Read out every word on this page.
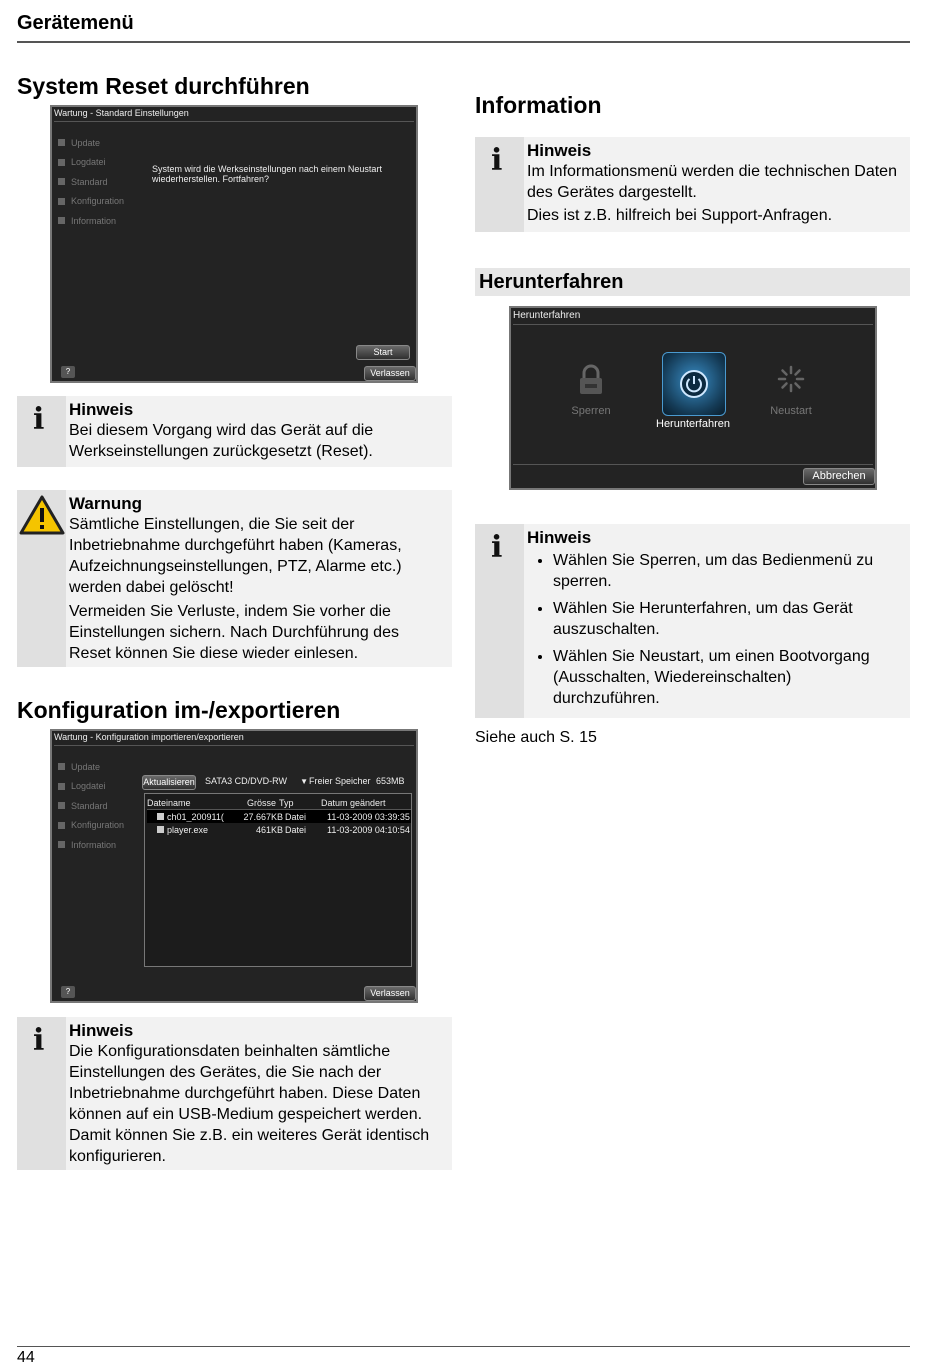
Gerätemenü
System Reset durchführen
Wartung - Standard Einstellungen
Update
Logdatei
Standard
Konfiguration
Information
System wird die Werkseinstellungen nach einem Neustart
wiederherstellen. Fortfahren?
Start
?	Verlassen
i Hinweis

Bei diesem Vorgang wird das Gerät auf die Werkseinstellungen zurückgesetzt (Reset).

Warnung

Sämtliche Einstellungen, die Sie seit der Inbetriebnahme durchgeführt haben (Kameras, Aufzeichnungseinstellungen, PTZ, Alarme etc.) werden dabei gelöscht!

Vermeiden Sie Verluste, indem Sie vorher die Einstellungen sichern. Nach Durchführung des Reset können Sie diese wieder einlesen.

Konfiguration im-/exportieren
Wartung - Konfiguration importieren/exportieren
Update
Logdatei
Standard
Konfiguration
Information
Aktualisieren SATA3 CD/DVD-RW ▼ Freier Speicher 653MB
Dateiname	Grösse Typ	Datum geändert
ch01_200911(	27.667KB Datei	11-03-2009 03:39:35
player.exe	461KB Datei	11-03-2009 04:10:54
?	Verlassen
i Hinweis

Die Konfigurationsdaten beinhalten sämtliche Einstellungen des Gerätes, die Sie nach der Inbetriebnahme durchgeführt haben. Diese Daten können auf ein USB-Medium gespeichert werden. Damit können Sie z.B. ein weiteres Gerät identisch konfigurieren.

Information
i Hinweis

Im Informationsmenü werden die technischen Daten des Gerätes dargestellt.

Dies ist z.B. hilfreich bei Support-Anfragen.

Herunterfahren
Herunterfahren
Sperren
Herunterfahren
Neustart
Abbrechen
i Hinweis
• Wählen Sie Sperren, um das Bedienmenü zu sperren.
• Wählen Sie Herunterfahren, um das Gerät auszuschalten.
• Wählen Sie Neustart, um einen Bootvorgang (Ausschalten, Wiedereinschalten) durchzuführen.
Siehe auch S. 15
44
